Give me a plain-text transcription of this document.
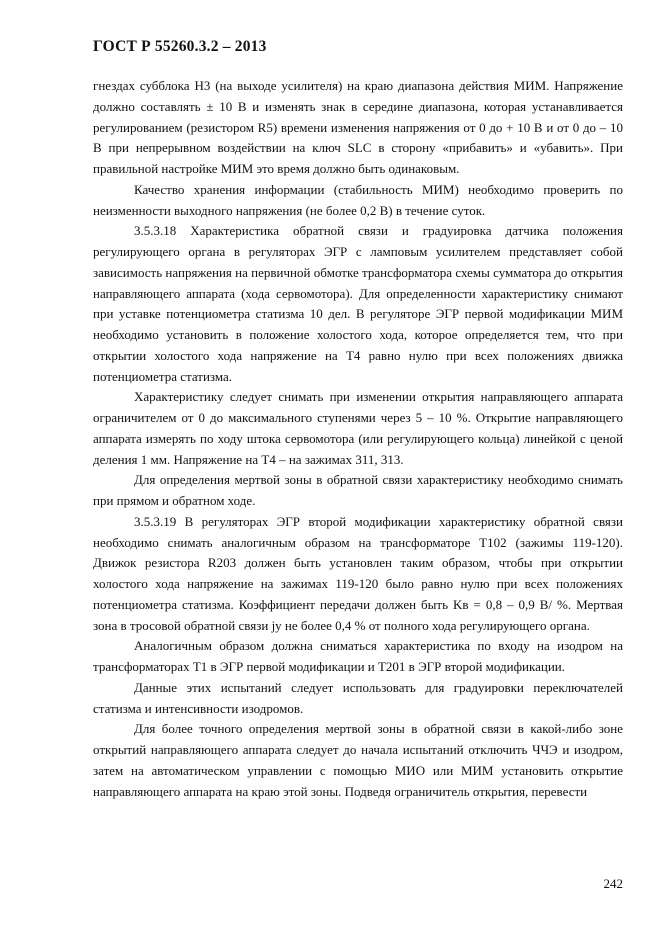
ГОСТ Р 55260.3.2 – 2013

гнездах субблока Н3 (на выходе усилителя) на краю диапазона действия МИМ. Напряжение должно составлять ± 10 В и изменять знак в середине диапазона, которая устанавливается регулированием (резистором R5) времени изменения напряжения от 0 до + 10 В и от 0 до – 10 В при непрерывном воздействии на ключ SLC в сторону «прибавить» и «убавить». При правильной настройке МИМ это время должно быть одинаковым.

Качество хранения информации (стабильность МИМ) необходимо проверить по неизменности выходного напряжения (не более 0,2 В) в течение суток.

3.5.3.18 Характеристика обратной связи и градуировка датчика положения регулирующего органа в регуляторах ЭГР с ламповым усилителем представляет собой зависимость напряжения на первичной обмотке трансформатора схемы сумматора до открытия направляющего аппарата (хода сервомотора). Для определенности характеристику снимают при уставке потенциометра статизма 10 дел. В регуляторе ЭГР первой модификации МИМ необходимо установить в положение холостого хода, которое определяется тем, что при открытии холостого хода напряжение на Т4 равно нулю при всех положениях движка потенциометра статизма.

Характеристику следует снимать при изменении открытия направляющего аппарата ограничителем от 0 до максимального ступенями через 5 – 10 %. Открытие направляющего аппарата измерять по ходу штока сервомотора (или регулирующего кольца) линейкой с ценой деления 1 мм. Напряжение на Т4 – на зажимах 311, 313.

Для определения мертвой зоны в обратной связи характеристику необходимо снимать при прямом и обратном ходе.

3.5.3.19 В регуляторах ЭГР второй модификации характеристику обратной связи необходимо снимать аналогичным образом на трансформаторе Т102 (зажимы 119-120). Движок резистора R203 должен быть установлен таким образом, чтобы при открытии холостого хода напряжение на зажимах 119-120 было равно нулю при всех положениях потенциометра статизма. Коэффициент передачи должен быть Kв = 0,8 – 0,9 В/ %. Мертвая зона в тросовой обратной связи jу не более 0,4 % от полного хода регулирующего органа.

Аналогичным образом должна сниматься характеристика по входу на изодром на трансформаторах Т1 в ЭГР первой модификации и Т201 в ЭГР второй модификации.

Данные этих испытаний следует использовать для градуировки переключателей статизма и интенсивности изодромов.

Для более точного определения мертвой зоны в обратной связи в какой-либо зоне открытий направляющего аппарата следует до начала испытаний отключить ЧЧЭ и изодром, затем на автоматическом управлении с помощью МИО или МИМ установить открытие направляющего аппарата на краю этой зоны. Подведя ограничитель открытия, перевести

242
